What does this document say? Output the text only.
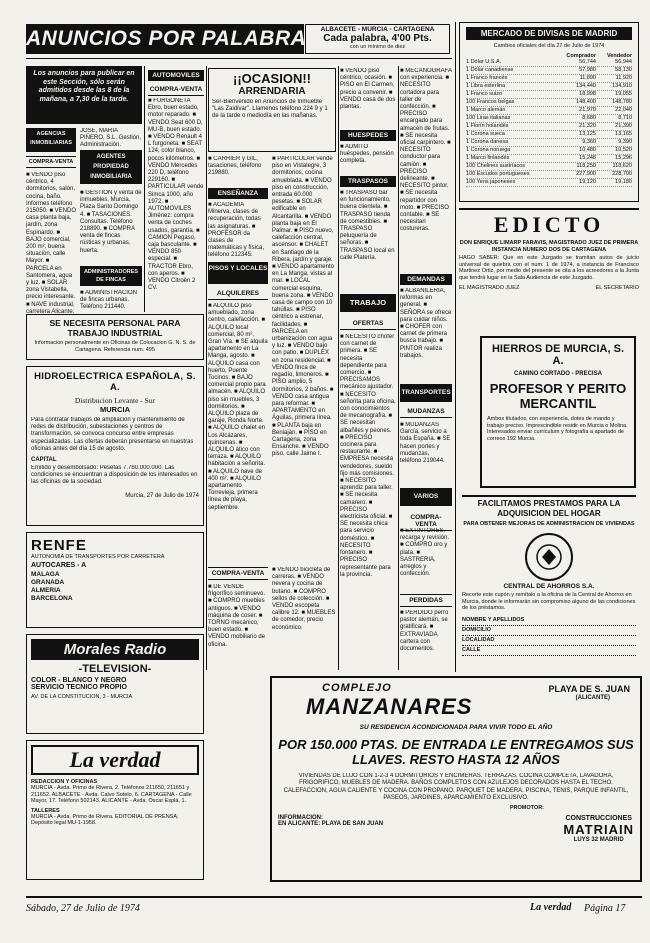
ANUNCIOS POR PALABRAS ALBACETE - MURCIA - CARTAGENA
Cada palabra, 4'00 Pts.
con un mínimo de diez
MERCADO DE DIVISAS DE MADRID
Cambios oficiales del día 27 de Julio de 1974
Comprador	Vendedor
1 Dólar U.S.A.	56,744	56,944
1 Dólar canadiense	57,980	58,130
1 Franco francés	11,890	11,920
1 Libra esterlina	134,440	134,910
1 Franco suizo	18,998	19,055
100 Francos belgas	148,400	148,780
1 Marco alemán	21,970	22,040
100 Liras italianas	8,680	8,710
1 Florín holandés	21,320	21,390
1 Corona sueca	13,125	13,165
1 Corona danesa	9,360	9,390
1 Corona noruega	10,480	10,520
1 Marco finlandés	15,248	15,296
100 Chelines austríacos	118,250	118,620
100 Escudos portugueses	227,900	228,700
100 Yens japoneses	19,120	19,180
Los anuncios para publicar en este Sección, sólo serán admitidos desde las 8 de la mañana, a 7,30 de la tarde.
AGENCIAS INMOBILIARIAS
COMPRA-VENTA
■ VENDO piso céntrico, 4 dormitorios, salón, cocina, baño. Informes teléfono 215050. ■ VENDO casa planta baja, jardín, zona Espinardo. ■ BAJO comercial, 200 m², buena situación, calle Mayor. ■ PARCELA en Santomera, agua y luz. ■ SOLAR zona Vistabella, precio interesante. ■ NAVE industrial, carretera Alicante.
AGENTES PROPIEDAD INMOBILIARIA
JOSE, MARIA PIÑERO, S.L. Gestión, Administración.
■ GESTION y venta de inmuebles. Murcia, Plaza Santo Domingo 4. ■ TASACIONES. Consultas. Teléfono 218890. ■ COMPRA venta de fincas rústicas y urbanas, huerta.
ADMINISTRADORES DE FINCAS
■ ADMINISTRACION de fincas urbanas. Teléfono 211440.
AUTOMOVILES
COMPRA-VENTA
■ FURGONETA Ebro, buen estado, motor reparado. ■ VENDO Seat 600 D, MU-B, buen estado. ■ VENDO Renault 4 L furgoneta. ■ SEAT 124, color blanco, pocos kilómetros. ■ VENDO Mercedes 220 D, teléfono 229160. ■ PARTICULAR vende Simca 1000, año 1972. ■ AUTOMOVILES Jiménez: compra venta de coches usados, garantía. ■ CAMION Pegaso, caja basculante. ■ VENDO 850 especial. ■ TRACTOR Ebro, con aperos. ■ VENDO Citroën 2 CV.
¡¡OCASION!!
ARRENDARIA
Ser-Bienvenido en Anuncios de Inmueble "Las Zaidivar". Llamenos teléfono 224 9 y 1 de la tarde o mediodía en las mañanas.
■ CARRIER y GIL, tasaciones, teléfono 219880.
ENSEÑANZA
■ ACADEMIA Minerva, clases de recuperación, todas las asignaturas. ■ PROFESOR da clases de matemáticas y física, teléfono 212345.
PISOS Y LOCALES
ALQUILERES
■ ALQUILO piso amueblado, zona centro, calefacción. ■ ALQUILO local comercial, 80 m², Gran Vía. ■ SE alquila apartamento en La Manga, agosto. ■ ALQUILO casa con huerto, Puente Tocinos. ■ BAJO comercial propio para almacén. ■ ALQUILO piso sin muebles, 3 dormitorios. ■ ALQUILO plaza de garaje, Ronda Norte. ■ ALQUILO chalet en Los Alcázares, quincenas. ■ ALQUILO ático con terraza. ■ ALQUILO habitación a señorita. ■ ALQUILO nave de 400 m². ■ ALQUILO apartamento Torrevieja, primera línea de playa, septiembre.
■ PARTICULAR vende piso en Vistalegre, 3 dormitorios, cocina amueblada. ■ VENDO piso en construcción, entrada 60.000 pesetas. ■ SOLAR edificable en Alcantarilla. ■ VENDO planta baja en El Palmar. ■ PISO nuevo, calefacción central, ascensor. ■ CHALET en Santiago de la Ribera, jardín y garaje. ■ VENDO apartamento en La Manga, vistas al mar. ■ LOCAL comercial esquina, buena zona. ■ VENDO casa de campo con 10 tahúllas. ■ PISO céntrico a estrenar, facilidades. ■ PARCELA en urbanización con agua y luz. ■ VENDO bajo con patio. ■ DUPLEX en zona residencial. ■ VENDO finca de regadío, limoneros. ■ PISO amplio, 5 dormitorios, 2 baños. ■ VENDO casa antigua para reformar. ■ APARTAMENTO en Águilas, primera línea. ■ PLANTA baja en Beniaján. ■ PISO en Cartagena, zona Ensanche. ■ VENDO piso, calle Jaime I.
COMPRA-VENTA
■ DE VENDE frigorífico seminuevo. ■ COMPRO muebles antiguos. ■ VENDO máquina de coser. ■ TORNO mecánico, buen estado. ■ VENDO mobiliario de oficina.
■ VENDO bicicleta de carreras. ■ VENDO nevera y cocina de butano. ■ COMPRO sellos de colección. ■ VENDO escopeta calibre 12. ■ MUEBLES de comedor, precio económico.
■ VENDO piso céntrico, ocasión. ■ PISO en El Carmen, precio a convenir. ■ VENDO casa de dos plantas.
HUESPEDES
■ ADMITO huéspedes, pensión completa.
TRASPASOS
■ TRASPASO bar en funcionamiento, buena clientela. ■ TRASPASO tienda de comestibles. ■ TRASPASO peluquería de señoras. ■ TRASPASO local en calle Platería.
TRABAJO
OFERTAS
■ NECESITO chófer con carnet de primera. ■ SE necesita dependiente para comercio. ■ PRECISAMOS mecánico ajustador. ■ NECESITO señorita para oficina, con conocimientos de mecanografía. ■ SE necesitan albañiles y peones. ■ PRECISO cocinera para restaurante. ■ EMPRESA necesita vendedores, sueldo fijo más comisiones. ■ NECESITO aprendiz para taller. ■ SE necesita camarero. ■ PRECISO electricista oficial. ■ SE necesita chica para servicio doméstico. ■ NECESITO fontanero. ■ PRECISO representante para la provincia.
■ MECANOGRAFA con experiencia. ■ NECESITO cortadora para taller de confección. ■ PRECISO encargado para almacén de frutas. ■ SE necesita oficial carpintero. ■ NECESITO conductor para camión. ■ PRECISO delineante. ■ NECESITO pintor. ■ SE necesita repartidor con moto. ■ PRECISO contable. ■ SE necesitan costureras.
DEMANDAS
■ ALBAÑILERIA, reformas en general. ■ SEÑORA se ofrece para cuidar niños. ■ CHOFER con carnet de primera busca trabajo. ■ PINTOR realiza trabajos.
TRANSPORTES
MUDANZAS
■ MUDANZAS García, servicio a toda España. ■ SE hacen portes y mudanzas, teléfono 219044.
VARIOS
COMPRA-VENTA
■ EXTINTORES, recarga y revisión. ■ COMPRO oro y plata. ■ SASTRERIA, arreglos y confección.
PERDIDAS
■ PERDIDO perro pastor alemán, se gratificará. ■ EXTRAVIADA cartera con documentos.
SE NECESITA PERSONAL PARA TRABAJO INDUSTRIAL
Informacion personalmente en Oficinas de Colocacion G. N. S. de Cartagena. Referencia num. 495
HIDROELECTRICA ESPAÑOLA, S. A.
Distribucion Levante - Sur
MURCIA
Para contratar trabajos de ampliación y mantenimiento de redes de distribución, subestaciones y centros de transformación, se convoca concurso entre empresas especializadas. Las ofertas deberán presentarse en nuestras oficinas antes del día 15 de agosto.
CAPITAL
Emitido y desembolsado: Pesetas 7.780.000.000. Las condiciones se encuentran a disposición de los interesados en las oficinas de la sociedad.
Murcia, 27 de Julio de 1974
RENFE
AUTONOMIA DE TRANSPORTES POR CARRETERA
AUTOCARES - A
MALAGA
GRANADA
ALMERIA
BARCELONA
Morales Radio
-TELEVISION-
COLOR - BLANCO Y NEGRO
SERVICIO TECNICO PROPIO
AV. DE LA CONSTITUCION, 3 - MURCIA
La verdad
REDACCION Y OFICINAS
MURCIA - Avda. Primo de Rivera, 2. Teléfonos 211650, 211651 y 211652. ALBACETE - Avda. Calvo Sotelo, 6. CARTAGENA - Calle Mayor, 17. Teléfono 502143. ALICANTE - Avda. Oscar Esplá, 1.
TALLERES
MURCIA - Avda. Primo de Rivera. EDITORIAL DE PRENSA, Depósito legal MU-1-1958.
EDICTO
DON ENRIQUE LIMARP FARAVIS, MAGISTRADO JUEZ DE PRIMERA INSTANCIA NUMERO DOS DE CARTAGENA
HAGO SABER: Que en este Juzgado se tramitan autos de juicio universal de quiebra con el num. 1 de 1974, a instancia de Francisco Martinez Ortiz, por medio del presente se cita a los acreedores a la Junta que tendrá lugar en la Sala Audiencia de este Juzgado.
EL MAGISTRADO JUEZ	EL SECRETARIO
HIERROS DE MURCIA, S. A.
CAMINO CORTADO - PRECISA
PROFESOR Y PERITO
MERCANTIL
Ambos titulados, con experiencia, dotes de mando y trabajo preciso. Imprescindible residir en Murcia o Molina. Interesados enviar currículum y fotografía a apartado de correos 192 Murcia.
FACILITAMOS PRESTAMOS PARA LA ADQUISICION DEL HOGAR
PARA OBTENER MEJORAS DE ADMINISTRACION DE VIVIENDAS
CENTRAL DE AHORROS S.A.
Recorte este cupón y remítalo a la oficina de la Central de Ahorros en Murcia, donde le informarán sin compromiso alguno de las condiciones de los préstamos.
NOMBRE Y APELLIDOS
DOMICILIO
LOCALIDAD
CALLE
COMPLEJO
MANZANARES
PLAYA DE S. JUAN
(ALICANTE)
SU RESIDENCIA ACONDICIONADA PARA VIVIR TODO EL AÑO
POR 150.000 PTAS. DE ENTRADA LE ENTREGAMOS SUS LLAVES. RESTO HASTA 12 AÑOS
VIVIENDAS DE LUJO CON 1-2-3 4 DORMITORIOS Y ENCIMERAS. TERRAZAS. COCINA COMPLETA, LAVADORA, FRIGORIFICO, MUEBLES DE MADERA. BAÑOS COMPLETOS CON AZULEJOS DECORADOS HASTA EL TECHO. CALEFACCION, AGUA CALIENTE Y COCINA CON PROPANO. PARQUET DE MADERA. PISCINA, TENIS, PARQUE INFANTIL, PASEOS, JARDINES, APARCAMIENTO EXCLUSIVO.
PROMOTOR:
INFORMACION:
EN ALICANTE: PLAYA DE SAN JUAN
CONSTRUCCIONES
MATRIAIN
LUYS 32 MADRID
Sábado, 27 de Julio de 1974	La verdad Página 17
